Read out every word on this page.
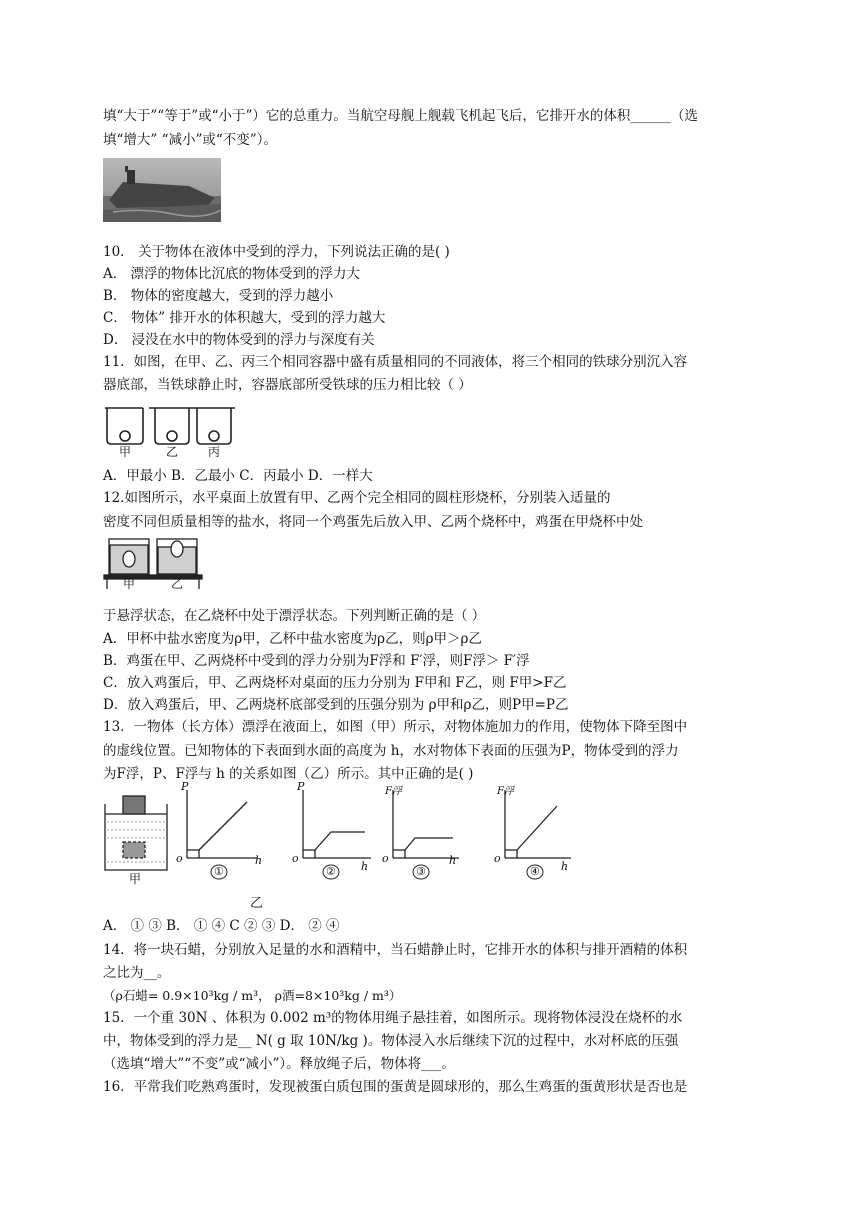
填“大于”“等于”或“小于”）它的总重力。当航空母舰上舰载飞机起飞后，它排开水的体积______（选
填“增大” “减小”或“不变”）。
10． 关于物体在液体中受到的浮力，下列说法正确的是( )
A． 漂浮的物体比沉底的物体受到的浮力大
B． 物体的密度越大，受到的浮力越小
C． 物体” 排开水的体积越大，受到的浮力越大
D． 浸没在水中的物体受到的浮力与深度有关
11．如图，在甲、乙、丙三个相同容器中盛有质量相同的不同液体，将三个相同的铁球分别沉入容
器底部，当铁球静止时，容器底部所受铁球的压力相比较（ ）
甲	乙 丙
A．甲最小 B．乙最小 C．丙最小 D．一样大
12.如图所示，水平桌面上放置有甲、乙两个完全相同的圆柱形烧杯，分别装入适量的
密度不同但质量相等的盐水，将同一个鸡蛋先后放入甲、乙两个烧杯中，鸡蛋在甲烧杯中处
甲	乙
于悬浮状态，在乙烧杯中处于漂浮状态。下列判断正确的是（ ）
A．甲杯中盐水密度为ρ甲，乙杯中盐水密度为ρ乙，则ρ甲＞ρ乙
B．鸡蛋在甲、乙两烧杯中受到的浮力分别为F浮和 F′浮，则F浮＞ F′浮
C．放入鸡蛋后，甲、乙两烧杯对桌面的压力分别为 F甲和 F乙，则 F甲>F乙
D．放入鸡蛋后，甲、乙两烧杯底部受到的压强分别为 ρ甲和ρ乙，则P甲=P乙
13．一物体（长方体）漂浮在液面上，如图（甲）所示，对物体施加力的作用，使物体下降至图中
的虚线位置。已知物体的下表面到水面的高度为 h，水对物体下表面的压强为P，物体受到的浮力
为F浮，P、F浮与 h 的关系如图（乙）所示。其中正确的是( )
甲
P
o	h
①
P
o
h
②
F浮
o	h
③
F浮
o
h
④
乙
A． ① ③ B． ① ④ C ② ③ D． ② ④
14．将一块石蜡，分别放入足量的水和酒精中，当石蜡静止时，它排开水的体积与排开酒精的体积
之比为__。
（ρ石蜡= 0.9×10³kg / m³， ρ酒=8×10³kg / m³）
15．一个重 30N 、体积为 0.002 m³的物体用绳子悬挂着，如图所示。现将物体浸没在烧杯的水
中，物体受到的浮力是__ N( g 取 10N/kg )。物体浸入水后继续下沉的过程中，水对杯底的压强
（选填“增大”“不变”或“减小”）。释放绳子后，物体将___。
16．平常我们吃熟鸡蛋时，发现被蛋白质包围的蛋黄是圆球形的，那么生鸡蛋的蛋黄形状是否也是
